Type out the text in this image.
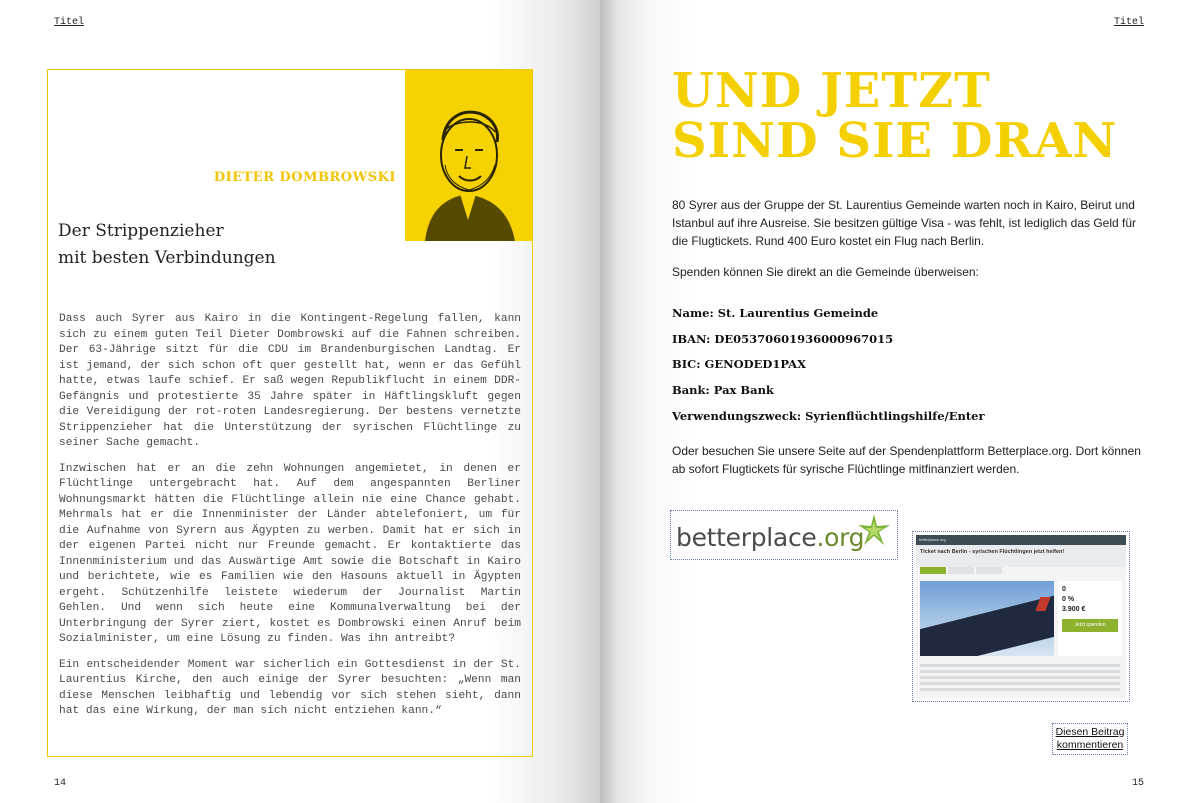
Titel
DIETER DOMBROWSKI
Der Strippenzieher
mit besten Verbindungen

Dass auch Syrer aus Kairo in die Kontingent-Regelung fallen, kann sich zu einem guten Teil Dieter Dombrowski auf die Fahnen schreiben. Der 63-Jährige sitzt für die CDU im Brandenburgischen Landtag. Er ist jemand, der sich schon oft quer gestellt hat, wenn er das Gefühl hatte, etwas laufe schief. Er saß wegen Republikflucht in einem DDR-Gefängnis und protestierte 35 Jahre später in Häftlingskluft gegen die Vereidigung der rot-roten Landesregierung. Der bestens vernetzte Strippenzieher hat die Unterstützung der syrischen Flüchtlinge zu seiner Sache gemacht.

Inzwischen hat er an die zehn Wohnungen angemietet, in denen er Flüchtlinge untergebracht hat. Auf dem angespannten Berliner Wohnungsmarkt hätten die Flüchtlinge allein nie eine Chance gehabt. Mehrmals hat er die Innenminister der Länder abtelefoniert, um für die Aufnahme von Syrern aus Ägypten zu werben. Damit hat er sich in der eigenen Partei nicht nur Freunde gemacht. Er kontaktierte das Innenministerium und das Auswärtige Amt sowie die Botschaft in Kairo und berichtete, wie es Familien wie den Hasouns aktuell in Ägypten ergeht. Schützenhilfe leistete wiederum der Journalist Martin Gehlen. Und wenn sich heute eine Kommunalverwaltung bei der Unterbringung der Syrer ziert, kostet es Dombrowski einen Anruf beim Sozialminister, um eine Lösung zu finden. Was ihn antreibt?

Ein entscheidender Moment war sicherlich ein Gottesdienst in der St. Laurentius Kirche, den auch einige der Syrer besuchten: „Wenn man diese Menschen leibhaftig und lebendig vor sich stehen sieht, dann hat das eine Wirkung, der man sich nicht entziehen kann.“

14
Titel
UND JETZT
SIND SIE DRAN

80 Syrer aus der Gruppe der St. Laurentius Gemeinde warten noch in Kairo, Beirut und Istanbul auf ihre Ausreise. Sie besitzen gültige Visa - was fehlt, ist lediglich das Geld für die Flugtickets. Rund 400 Euro kostet ein Flug nach Berlin.

Spenden können Sie direkt an die Gemeinde überweisen:

Name: St. Laurentius Gemeinde
IBAN: DE05370601936000967015
BIC: GENODED1PAX
Bank: Pax Bank
Verwendungszweck: Syrienflüchtlingshilfe/Enter

Oder besuchen Sie unsere Seite auf der Spendenplattform Betterplace.org. Dort können ab sofort Flugtickets für syrische Flüchtlinge mitfinanziert werden.

betterplace.org	betterplace.org
Ticket nach Berlin - syrischen Flüchtlingen jetzt helfen!
0
0 %
3.900 €
Jetzt spenden
Diesen Beitrag
kommentieren
15
